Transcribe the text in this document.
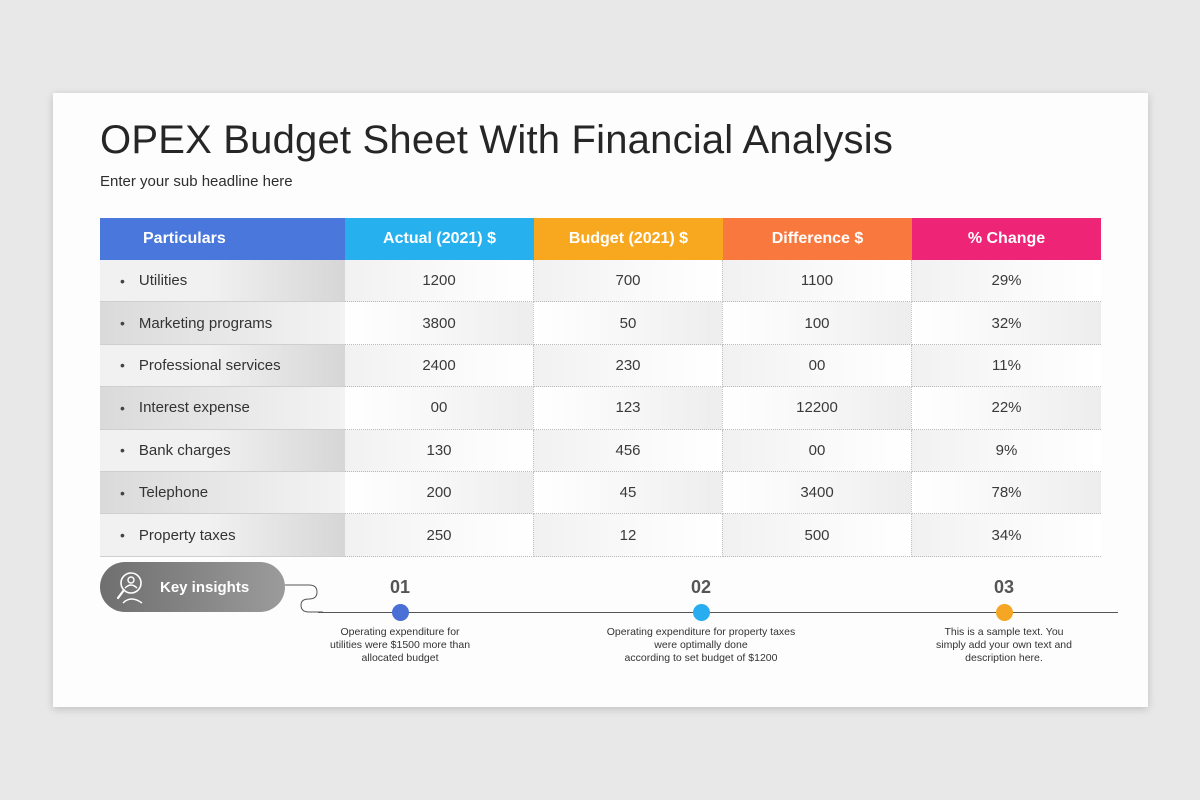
OPEX Budget Sheet With Financial Analysis
Enter your sub headline here
Particulars	Actual (2021) $	Budget (2021) $	Difference $	% Change
• Utilities	1200	700	1100	29%
• Marketing programs	3800	50	100	32%
• Professional services	2400	230	00	11%
• Interest expense	00	123	12200	22%
• Bank charges	130	456	00	9%
• Telephone	200	45	3400	78%
• Property taxes	250	12	500	34%
Key insights	01
Operating expenditure for
utilities were $1500 more than
allocated budget
02
Operating expenditure for property taxes
were optimally done
according to set budget of $1200
03
This is a sample text. You
simply add your own text and
description here.
